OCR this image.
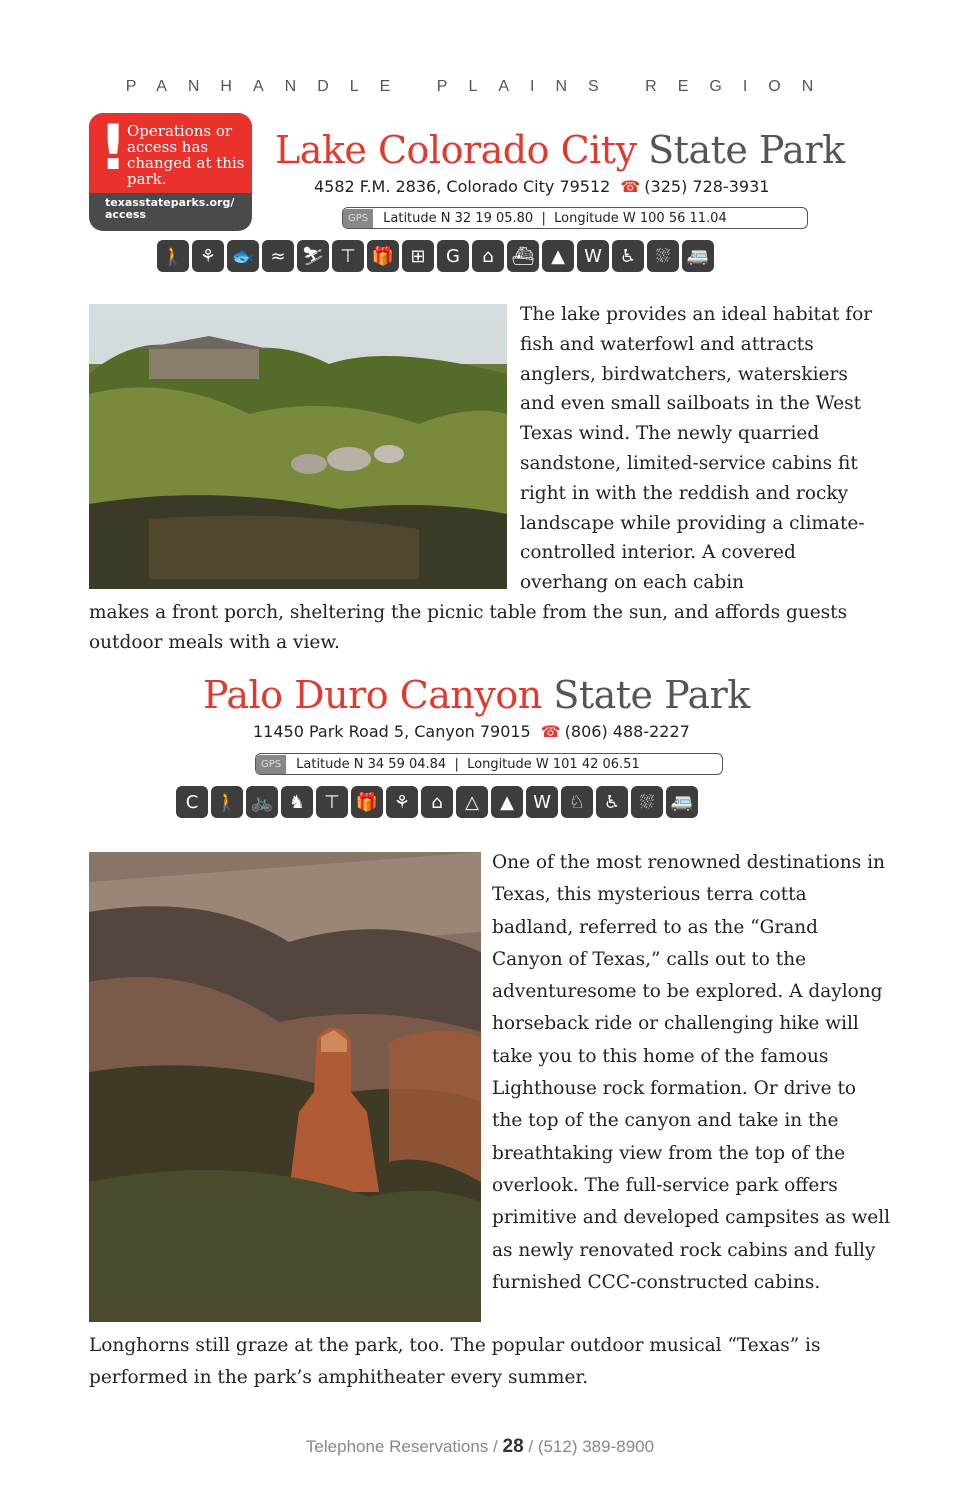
PANHANDLE PLAINS REGION
! Operations or access has changed at this park.
texasstateparks.org/ access
Lake Colorado City State Park
4582 F.M. 2836, Colorado City 79512 ☎ (325) 728-3931
GPS	Latitude N 32 19 05.80  |  Longitude W 100 56 11.04
🚶 ⚘ 🐟 ≈ ⛷ ⊤ 🎁 ⊞	G	⌂ ⛴ ▲	W	♿	⛆ 🚐
The lake provides an ideal habitat for fish and waterfowl and attracts anglers, birdwatchers, waterskiers and even small sailboats in the West Texas wind. The newly quarried sandstone, limited-service cabins fit right in with the reddish and rocky landscape while providing a climate-controlled interior. A covered overhang on each cabin
makes a front porch, sheltering the picnic table from the sun, and affords guests outdoor meals with a view.
Palo Duro Canyon State Park
11450 Park Road 5, Canyon 79015 ☎ (806) 488-2227
GPS	Latitude N 34 59 04.84  |  Longitude W 101 42 06.51
C 🚶 🚲 ♞	⊤ 🎁 ⚘	⌂	△	▲	W	♘	♿	⛆ 🚐
One of the most renowned destinations in Texas, this mysterious terra cotta badland, referred to as the “Grand Canyon of Texas,” calls out to the adventuresome to be explored. A daylong horseback ride or challenging hike will take you to this home of the famous Lighthouse rock formation. Or drive to the top of the canyon and take in the breathtaking view from the top of the overlook. The full-service park offers primitive and developed campsites as well as newly renovated rock cabins and fully furnished CCC-constructed cabins.
Longhorns still graze at the park, too. The popular outdoor musical “Texas” is performed in the park’s amphitheater every summer.
Telephone Reservations / 28 / (512) 389-8900
